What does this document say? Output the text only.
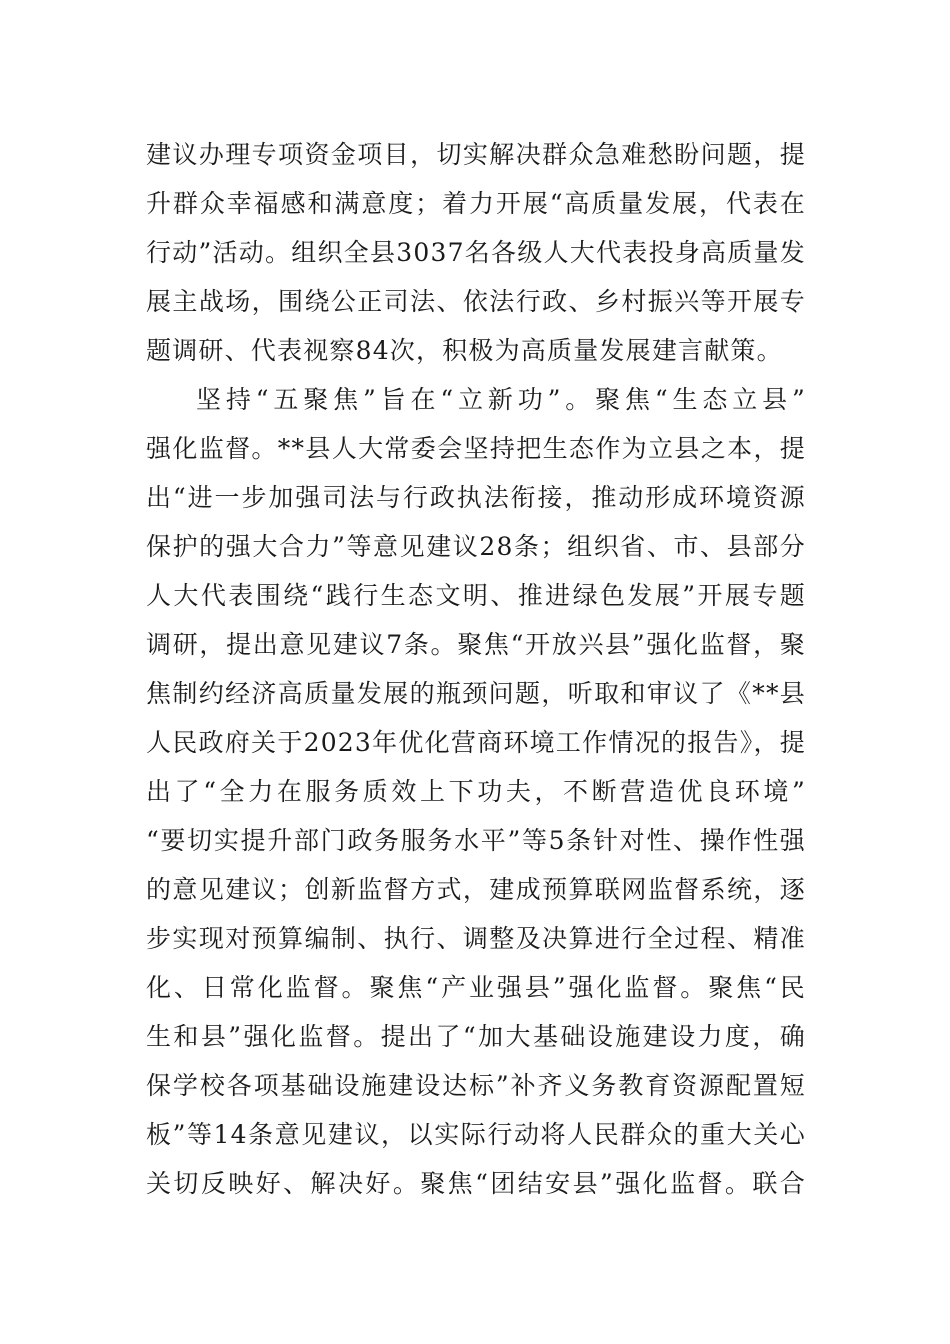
建议办理专项资金项目，切实解决群众急难愁盼问题，提
升群众幸福感和满意度；着力开展“高质量发展，代表在
行动”活动。组织全县3037名各级人大代表投身高质量发
展主战场，围绕公正司法、依法行政、乡村振兴等开展专
题调研、代表视察84次，积极为高质量发展建言献策。
坚持“五聚焦”旨在“立新功”。聚焦“生态立县”
强化监督。**县人大常委会坚持把生态作为立县之本，提
出“进一步加强司法与行政执法衔接，推动形成环境资源
保护的强大合力”等意见建议28条；组织省、市、县部分
人大代表围绕“践行生态文明、推进绿色发展”开展专题
调研，提出意见建议7条。聚焦“开放兴县”强化监督，聚
焦制约经济高质量发展的瓶颈问题，听取和审议了《**县
人民政府关于2023年优化营商环境工作情况的报告》，提
出了“全力在服务质效上下功夫，不断营造优良环境”
“要切实提升部门政务服务水平”等5条针对性、操作性强
的意见建议；创新监督方式，建成预算联网监督系统，逐
步实现对预算编制、执行、调整及决算进行全过程、精准
化、日常化监督。聚焦“产业强县”强化监督。聚焦“民
生和县”强化监督。提出了“加大基础设施建设力度，确
保学校各项基础设施建设达标”补齐义务教育资源配置短
板”等14条意见建议，以实际行动将人民群众的重大关心
关切反映好、解决好。聚焦“团结安县”强化监督。联合
